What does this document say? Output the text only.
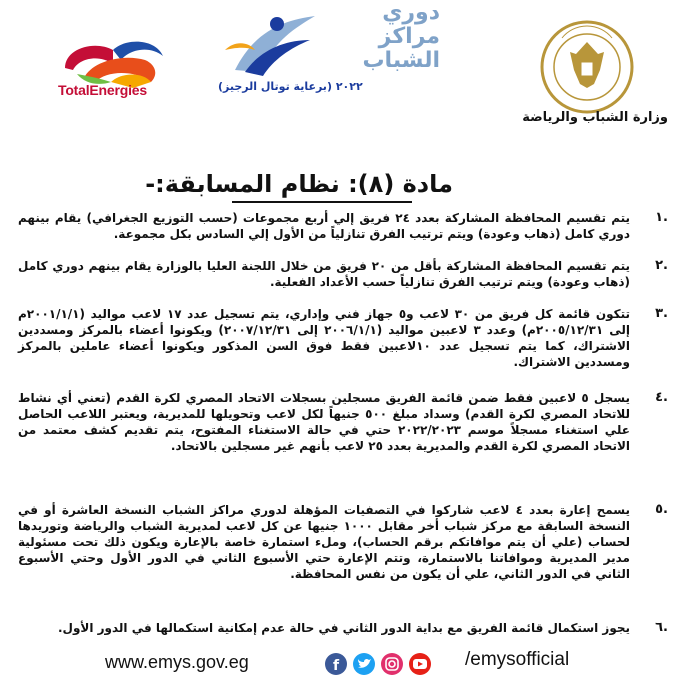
TotalEnergies
دوري
مراكز
الشباب
٢٠٢٢ (برعاية توتال الرجيز)
وزارة الشباب والرياضة
مادة (٨): نظام المسابقة:-
.١
يتم تقسيم المحافظة المشاركة بعدد ٢٤ فريق إلي أربع مجموعات (حسب التوزيع الجغرافي) يقام بينهم دوري كامل (ذهاب وعودة) ويتم ترتيب الفرق تنازلياً من الأول إلي السادس بكل مجموعة.
.٢
يتم تقسيم المحافظة المشاركة بأقل من ٢٠ فريق من خلال اللجنة العليا بالوزارة يقام بينهم دوري كامل (ذهاب وعودة) ويتم ترتيب الفرق تنازلياً حسب الأعداد الفعلية.
.٣
تتكون قائمة كل فريق من ٣٠ لاعب و٥ جهاز فني وإداري، يتم تسجيل عدد ١٧ لاعب مواليد (٢٠٠١/١/١م إلى ٢٠٠٥/١٢/٣١م) وعدد ٣ لاعبين مواليد (٢٠٠٦/١/١ إلى ٢٠٠٧/١٢/٣١) ويكونوا أعضاء بالمركز ومسددين الاشتراك، كما يتم تسجيل عدد ١٠لاعبين فقط فوق السن المذكور ويكونوا أعضاء عاملين بالمركز ومسددين الاشتراك.
.٤
يسجل ٥ لاعبين فقط ضمن قائمة الفريق مسجلين بسجلات الاتحاد المصري لكرة القدم (تعني أي نشاط للاتحاد المصري لكرة القدم) وسداد مبلغ ٥٠٠ جنيهاً لكل لاعب وتحويلها للمديرية، ويعتبر اللاعب الحاصل علي استغناء مسجلاً موسم ٢٠٢٢/٢٠٢٣ حتي في حالة الاستغناء المفتوح، يتم تقديم كشف معتمد من الاتحاد المصري لكرة القدم والمديرية بعدد ٢٥ لاعب بأنهم غير مسجلين بالاتحاد.
.٥
يسمح إعارة بعدد ٤ لاعب شاركوا في التصفيات المؤهلة لدوري مراكز الشباب النسخة العاشرة أو في النسخة السابقة مع مركز شباب أخر مقابل ١٠٠٠ جنيها عن كل لاعب لمديرية الشباب والرياضة وتوريدها لحساب (علي أن يتم موافاتكم برقم الحساب)، وملء استمارة خاصة بالإعارة ويكون ذلك تحت مسئولية مدير المديرية وموافاتنا بالاستمارة، وتتم الإعارة حتي الأسبوع الثاني في الدور الأول وحتي الأسبوع الثاني في الدور الثاني، علي أن يكون من نفس المحافظة.
.٦
يجوز استكمال قائمة الفريق مع بداية الدور الثاني في حالة عدم إمكانية استكمالها في الدور الأول.
www.emys.gov.eg	f	/emysofficial
